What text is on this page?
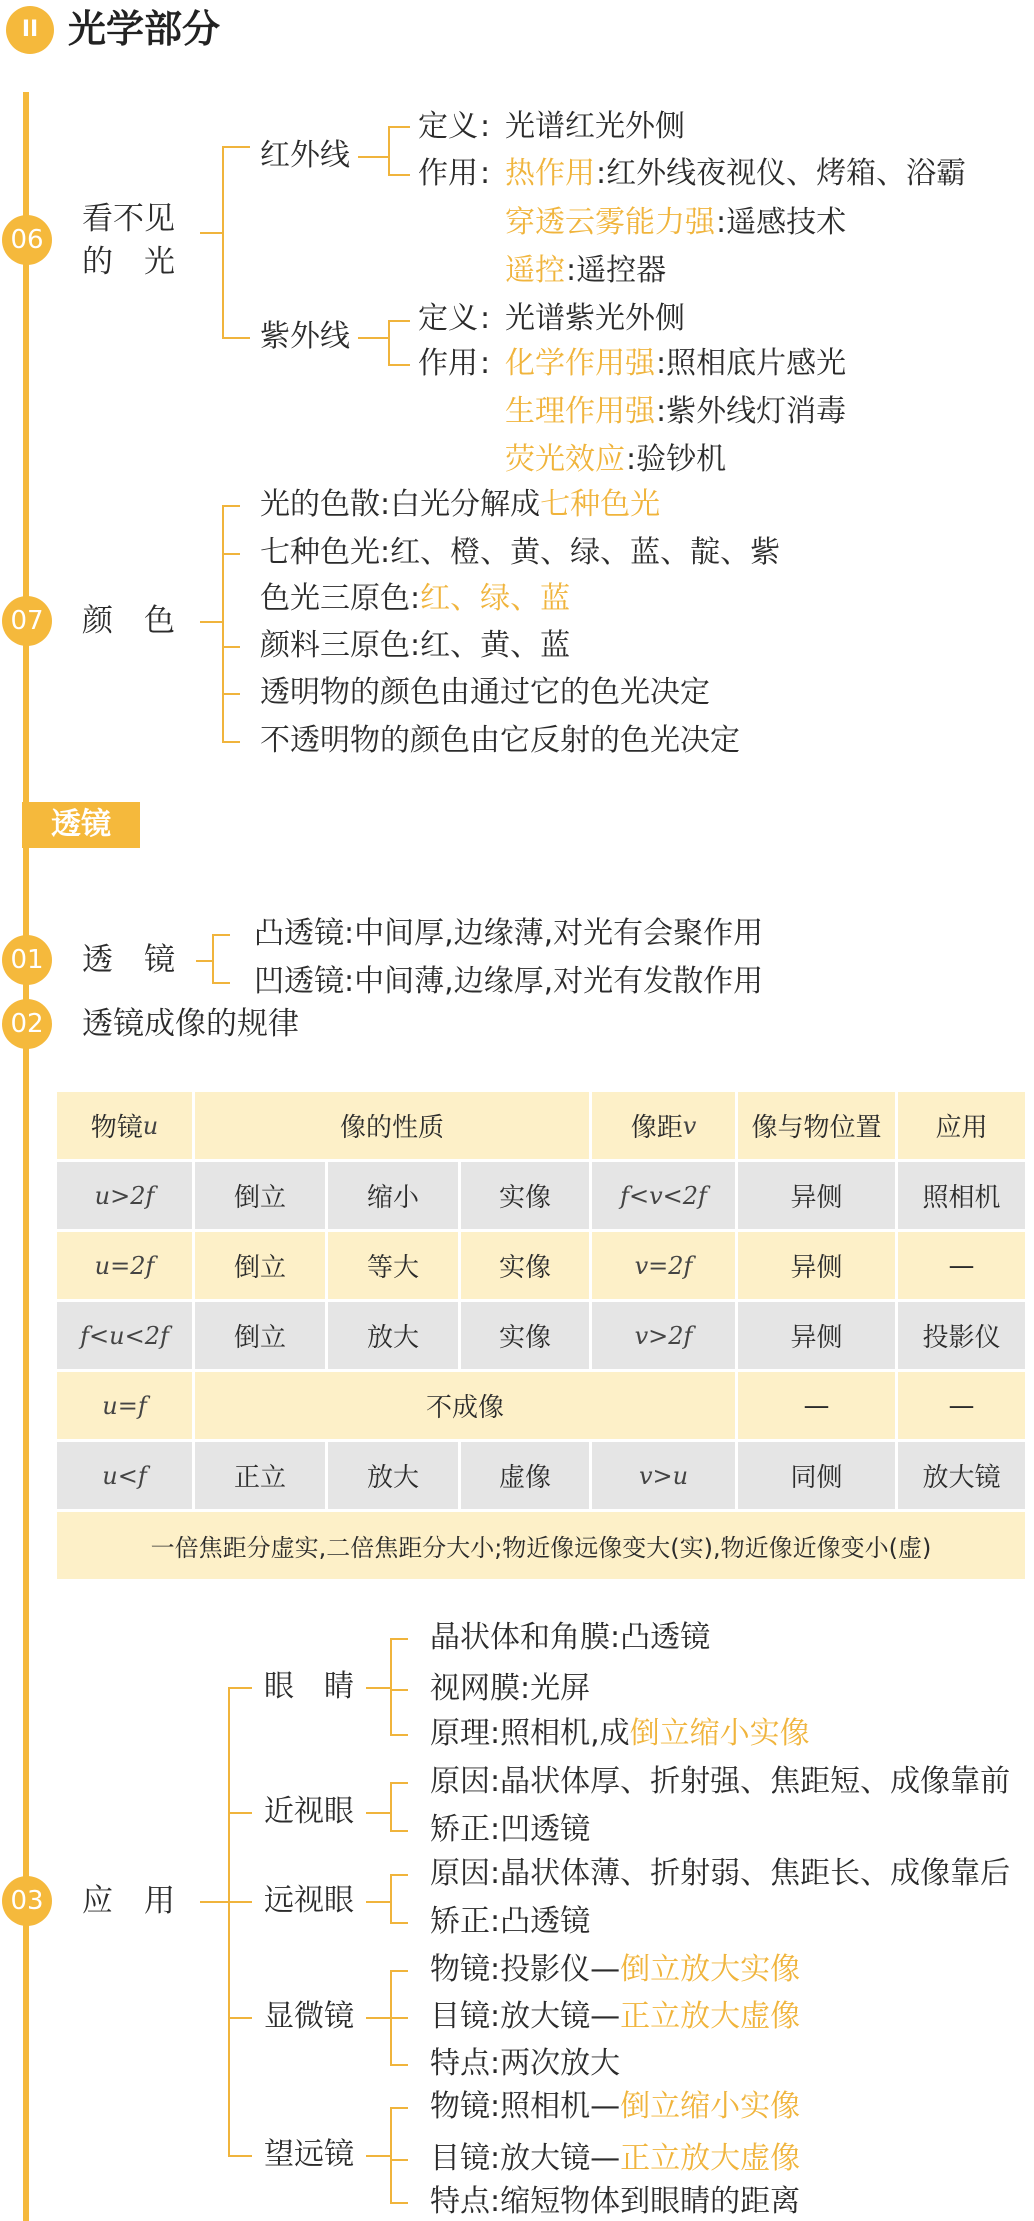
II 光学部分
06
看不见
的　光
红外线
定义 : 光谱红光外侧
作用 : 热作用 :红外线夜视仪、烤箱、浴霸
穿透云雾能力强 :遥感技术
遥控 :遥控器
紫外线
定义 : 光谱紫光外侧
作用 : 化学作用强 :照相底片感光
生理作用强 :紫外线灯消毒
荧光效应 :验钞机
07 颜　色
光的色散:白光分解成七种色光
七种色光:红、橙、黄、绿、蓝、靛、紫
色光三原色:红、绿、蓝
颜料三原色:红、黄、蓝
透明物的颜色由通过它的色光决定
不透明物的颜色由它反射的色光决定
透镜
01 透　镜
凸透镜:中间厚,边缘薄,对光有会聚作用
凹透镜:中间薄,边缘厚,对光有发散作用
02 透镜成像的规律
物镜 u	像的性质	像距 v	像与物位置	应用
u>2f	倒立	缩小	实像	f<v<2f	异侧	照相机
u=2f	倒立	等大	实像	v=2f	异侧	—
f<u<2f	倒立	放大	实像	v>2f	异侧	投影仪
u=f	不成像	—	—
u<f	正立	放大	虚像	v>u	同侧	放大镜
一倍焦距分虚实,二倍焦距分大小;物近像远像变大(实),物近像近像变小(虚)
03 应　用
眼　睛
晶状体和角膜:凸透镜
视网膜:光屏
原理:照相机,成倒立缩小实像
近视眼
原因:晶状体厚、折射强、焦距短、成像靠前
矫正:凹透镜
远视眼
原因:晶状体薄、折射弱、焦距长、成像靠后
矫正:凸透镜
显微镜
物镜:投影仪—倒立放大实像
目镜:放大镜—正立放大虚像
特点:两次放大
望远镜
物镜:照相机—倒立缩小实像
目镜:放大镜—正立放大虚像
特点:缩短物体到眼睛的距离
